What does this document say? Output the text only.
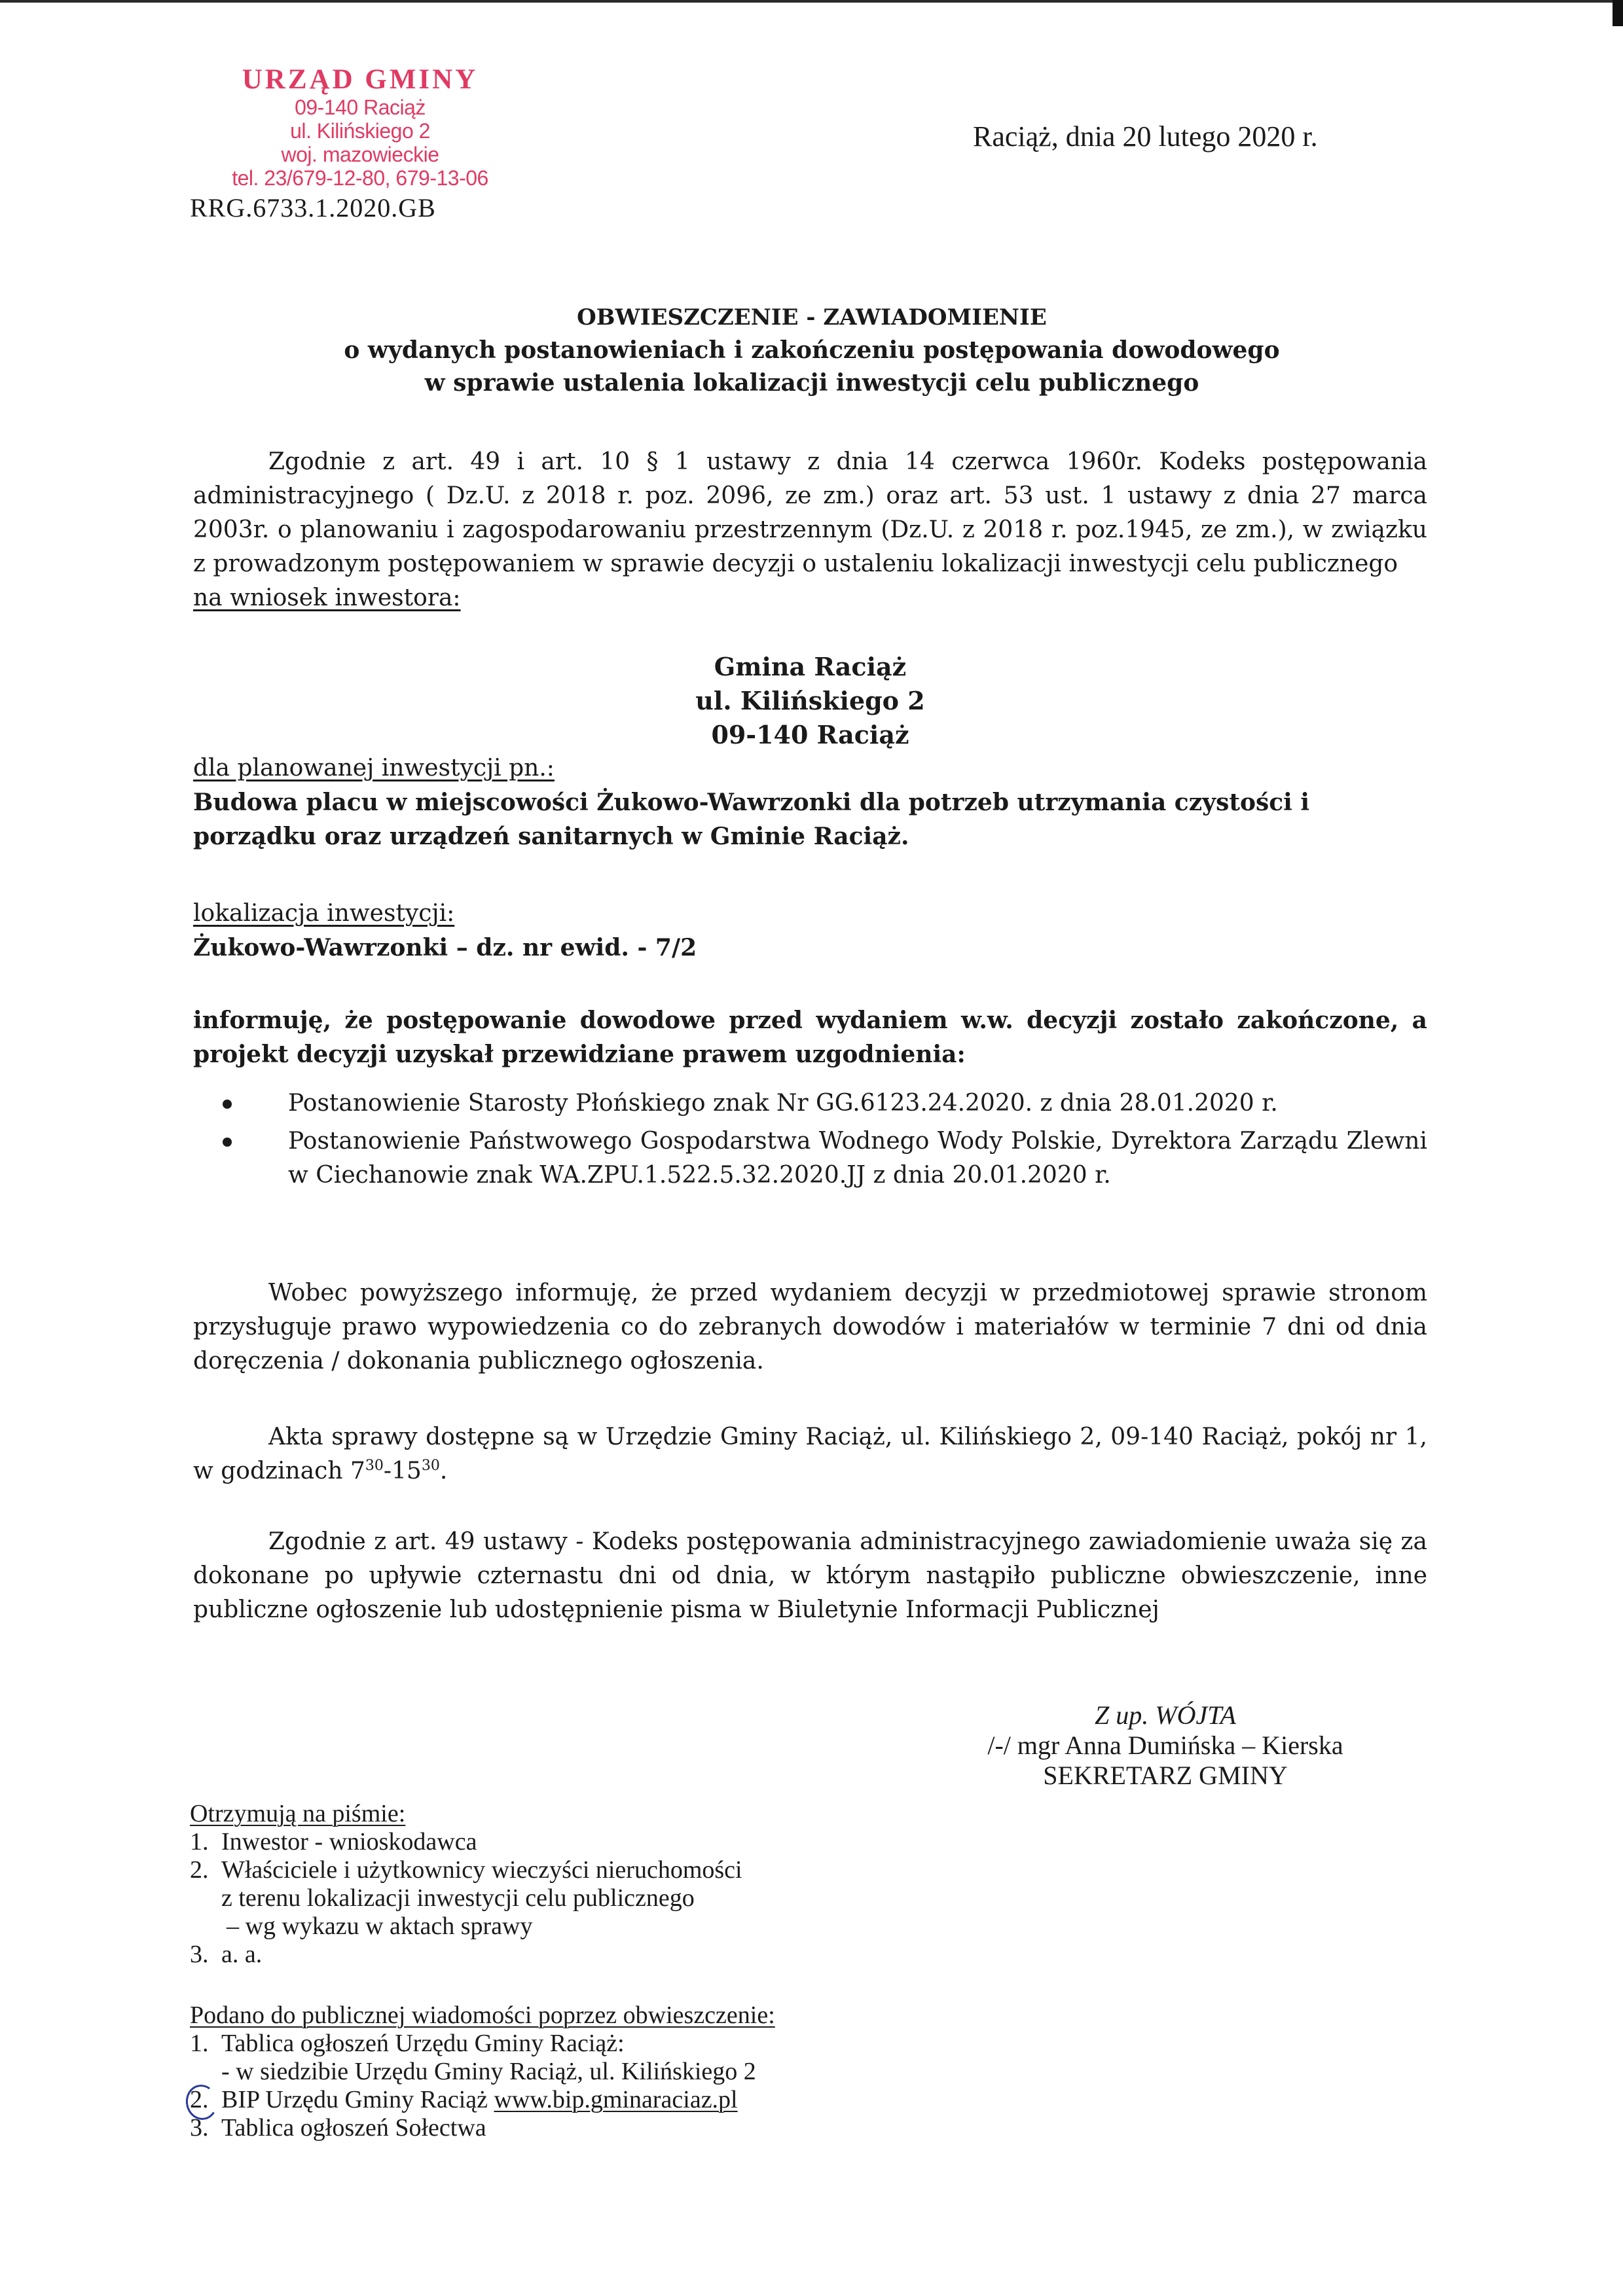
URZĄD GMINY
09-140 Raciąż
ul. Kilińskiego 2
woj. mazowieckie
tel. 23/679-12-80, 679-13-06
RRG.6733.1.2020.GB
Raciąż, dnia 20 lutego 2020 r.
OBWIESZCZENIE - ZAWIADOMIENIE
o wydanych postanowieniach i zakończeniu postępowania dowodowego
w sprawie ustalenia lokalizacji inwestycji celu publicznego

Zgodnie z art. 49 i art. 10 § 1 ustawy z dnia 14 czerwca 1960r. Kodeks postępowania administracyjnego ( Dz.U. z 2018 r. poz. 2096, ze zm.) oraz art. 53 ust. 1 ustawy z dnia 27 marca 2003r. o planowaniu i zagospodarowaniu przestrzennym (Dz.U. z 2018 r. poz.1945, ze zm.), w związku z prowadzonym postępowaniem w sprawie decyzji o ustaleniu lokalizacji inwestycji celu publicznego

na wniosek inwestora:

Gmina Raciąż
ul. Kilińskiego 2
09-140 Raciąż

dla planowanej inwestycji pn.:

Budowa placu w miejscowości Żukowo-Wawrzonki dla potrzeb utrzymania czystości i porządku oraz urządzeń sanitarnych w Gminie Raciąż.

lokalizacja inwestycji:

Żukowo-Wawrzonki – dz. nr ewid. - 7/2

informuję, że postępowanie dowodowe przed wydaniem w.w. decyzji zostało zakończone, a projekt decyzji uzyskał przewidziane prawem uzgodnienia:

Postanowienie Starosty Płońskiego znak Nr GG.6123.24.2020. z dnia 28.01.2020 r.
Postanowienie Państwowego Gospodarstwa Wodnego Wody Polskie, Dyrektora Zarządu Zlewni w Ciechanowie znak WA.ZPU.1.522.5.32.2020.JJ z dnia 20.01.2020 r.

Wobec powyższego informuję, że przed wydaniem decyzji w przedmiotowej sprawie stronom przysługuje prawo wypowiedzenia co do zebranych dowodów i materiałów w terminie 7 dni od dnia doręczenia / dokonania publicznego ogłoszenia.

Akta sprawy dostępne są w Urzędzie Gminy Raciąż, ul. Kilińskiego 2, 09-140 Raciąż, pokój nr 1, w godzinach $7^{30}-15^{30}$.

Zgodnie z art. 49 ustawy - Kodeks postępowania administracyjnego zawiadomienie uważa się za dokonane po upływie czternastu dni od dnia, w którym nastąpiło publiczne obwieszczenie, inne publiczne ogłoszenie lub udostępnienie pisma w Biuletynie Informacji Publicznej

Z up. WÓJTA
/-/ mgr Anna Dumińska – Kierska
SEKRETARZ GMINY
Otrzymują na piśmie:
1. Inwestor - wnioskodawca
2. Właściciele i użytkownicy wieczyści nieruchomości
z terenu lokalizacji inwestycji celu publicznego
– wg wykazu w aktach sprawy
3. a. a.
Podano do publicznej wiadomości poprzez obwieszczenie:
1. Tablica ogłoszeń Urzędu Gminy Raciąż:
- w siedzibie Urzędu Gminy Raciąż, ul. Kilińskiego 2
2. BIP Urzędu Gminy Raciąż www.bip.gminaraciaz.pl
3. Tablica ogłoszeń Sołectwa
